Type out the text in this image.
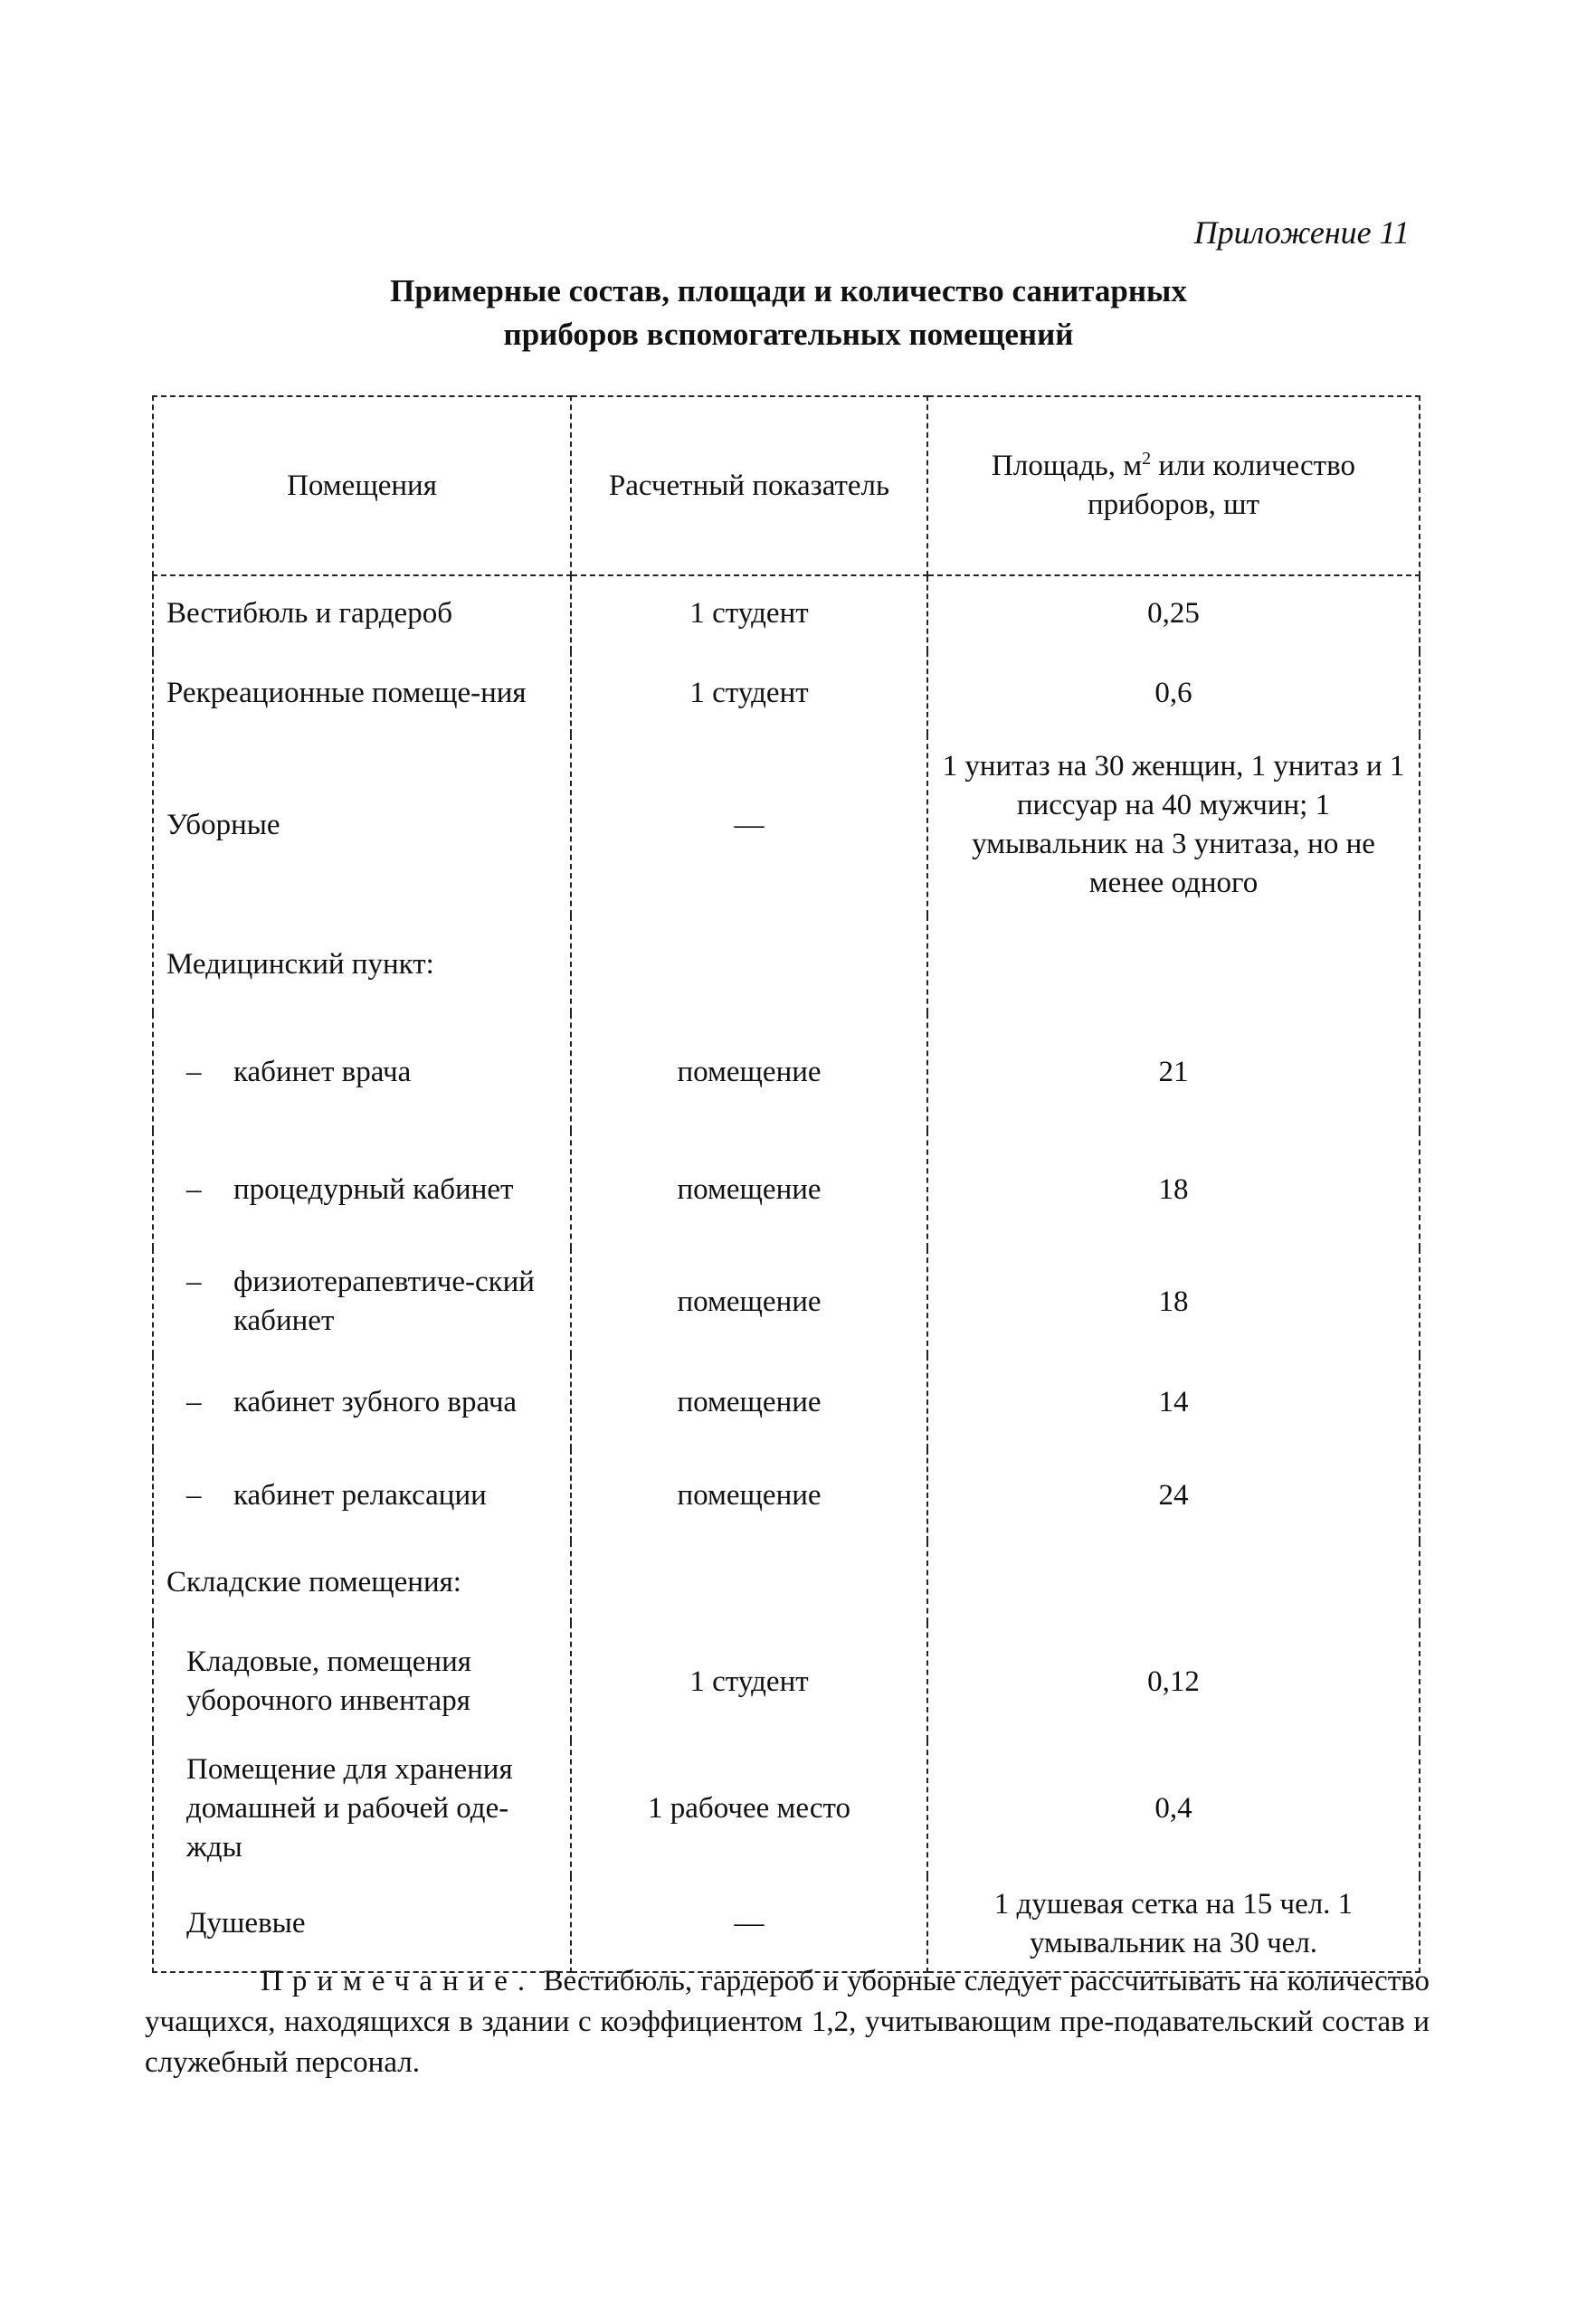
Приложение 11
Примерные состав, площади и количество санитарных
приборов вспомогательных помещений
Помещения	Расчетный показатель	Площадь, $м^2$ или количество приборов, шт
Вестибюль и гардероб	1 студент	0,25
Рекреационные помеще-ния	1 студент	0,6
Уборные	—	1 унитаз на 30 женщин, 1 унитаз и 1 писсуар на 40 мужчин; 1 умывальник на 3 унитаза, но не менее одного
Медицинский пункт:		
– кабинет врача	помещение	21
– процедурный кабинет	помещение	18

– физиотерапевтиче-ский кабинет	помещение	18
– кабинет зубного врача	помещение	14
– кабинет релаксации	помещение	24
Складские помещения:		
Кладовые, помещения уборочного инвентаря	1 студент	0,12
Помещение для хранения домашней и рабочей оде-жды	1 рабочее место	0,4
Душевые	—	1 душевая сетка на 15 чел. 1 умывальник на 30 чел.
Примечание. Вестибюль, гардероб и уборные следует рассчитывать на количество учащихся, находящихся в здании с коэффициентом 1,2, учитывающим пре-подавательский состав и служебный персонал.
